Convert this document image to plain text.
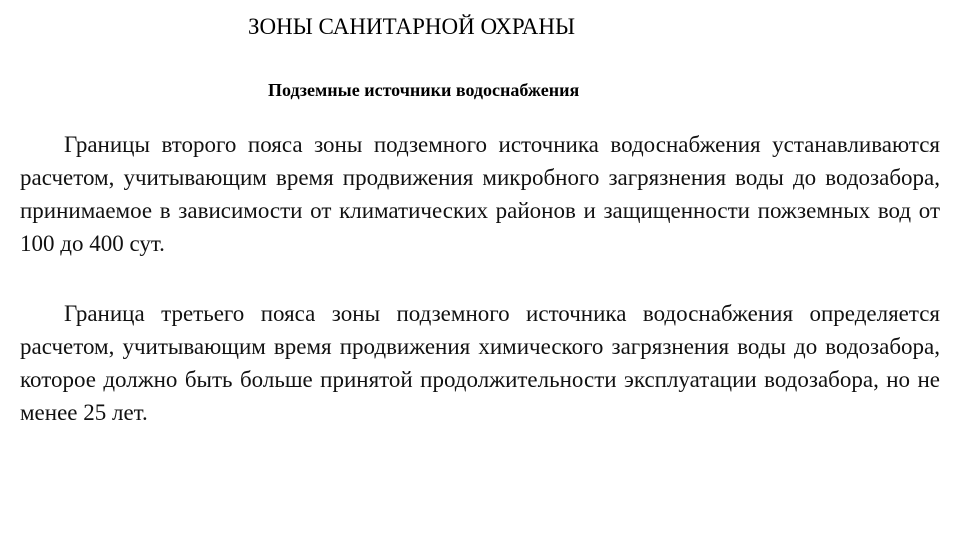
ЗОНЫ САНИТАРНОЙ ОХРАНЫ
Подземные источники водоснабжения

Границы второго пояса зоны подземного источника водоснабжения устанавливаются расчетом, учитывающим время продвижения микробного загрязнения воды до водозабора, принимаемое в зависимости от климатических районов и защищенности пожземных вод от 100 до 400 сут.

Граница третьего пояса зоны подземного источника водоснабжения определяется расчетом, учитывающим время продвижения химического загрязнения воды до водозабора, которое должно быть больше принятой продолжительности эксплуатации водозабора, но не менее 25 лет.
